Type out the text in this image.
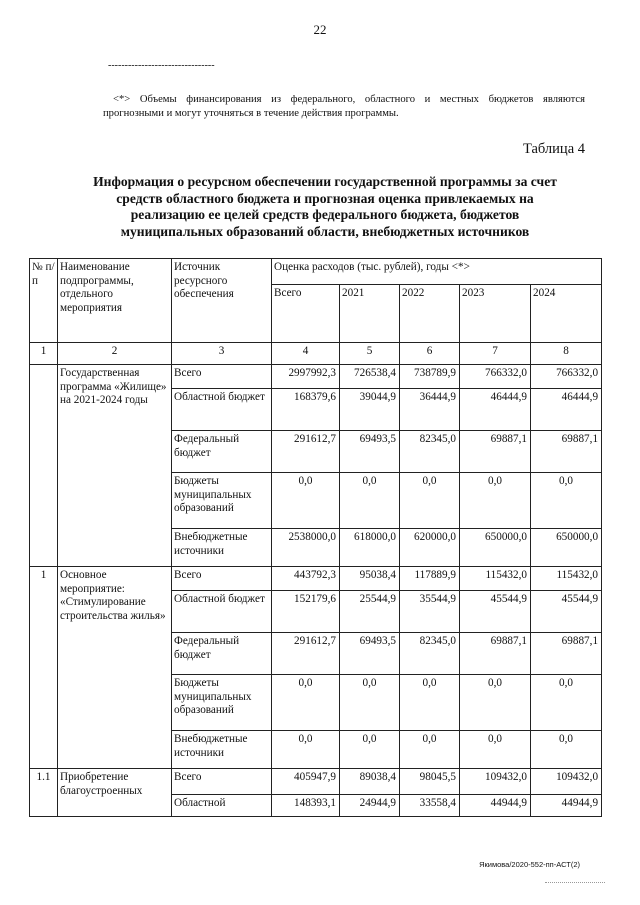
22
--------------------------------
<*> Объемы финансирования из федерального, областного и местных бюджетов являются прогнозными и могут уточняться в течение действия программы.
Таблица 4
Информация о ресурсном обеспечении государственной программы за счет средств областного бюджета и прогнозная оценка привлекаемых на реализацию ее целей средств федерального бюджета, бюджетов муниципальных образований области, внебюджетных источников
№ п/п	Наименование подпрограммы, отдельного мероприятия	Источник ресурсного обеспечения	Оценка расходов (тыс. рублей), годы <*>				
			Всего	2021	2022	2023	2024
1	2	3	4	5	6	7	8
	Государственная программа «Жилище» на 2021-2024 годы	Всего	2997992,3	726538,4	738789,9	766332,0	766332,0
		Областной бюджет	168379,6	39044,9	36444,9	46444,9	46444,9
		Федеральный бюджет	291612,7	69493,5	82345,0	69887,1	69887,1
		Бюджеты муниципальных образований	0,0	0,0	0,0	0,0	0,0
		Внебюджетные источники	2538000,0	618000,0	620000,0	650000,0	650000,0
1	Основное мероприятие: «Стимулирование строительства жилья»	Всего	443792,3	95038,4	117889,9	115432,0	115432,0
		Областной бюджет	152179,6	25544,9	35544,9	45544,9	45544,9
		Федеральный бюджет	291612,7	69493,5	82345,0	69887,1	69887,1
		Бюджеты муниципальных образований	0,0	0,0	0,0	0,0	0,0
		Внебюджетные источники	0,0	0,0	0,0	0,0	0,0
1.1	Приобретение благоустроенных	Всего	405947,9	89038,4	98045,5	109432,0	109432,0
		Областной	148393,1	24944,9	33558,4	44944,9	44944,9
Якимова/2020-552-пп-АСТ(2)
